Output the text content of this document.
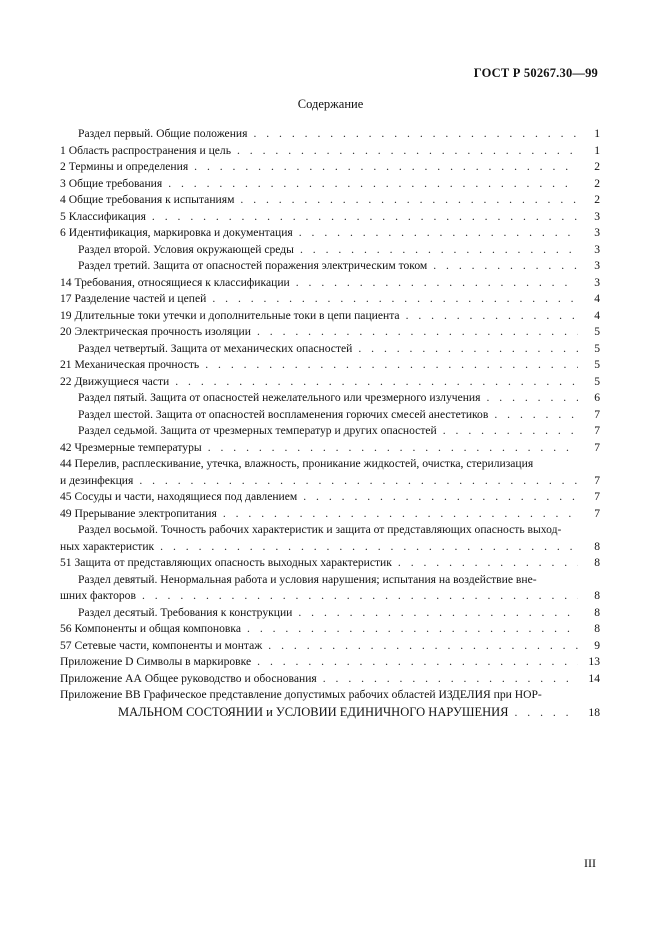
ГОСТ Р 50267.30—99
Содержание
Раздел первый. Общие положения . . .	1
1 Область распространения и цель . . .	1
2 Термины и определения . . .	2
3 Общие требования . . .	2
4 Общие требования к испытаниям . . .	2
5 Классификация . . .	3
6 Идентификация, маркировка и документация . . .	3
Раздел второй. Условия окружающей среды . . .	3
Раздел третий. Защита от опасностей поражения электрическим током . . .	3
14 Требования, относящиеся к классификации . . .	3
17 Разделение частей и цепей . . .	4
19 Длительные токи утечки и дополнительные токи в цепи пациента . . .	4
20 Электрическая прочность изоляции . . .	5
Раздел четвертый. Защита от механических опасностей . . .	5
21 Механическая прочность . . .	5
22 Движущиеся части . . .	5
Раздел пятый. Защита от опасностей нежелательного или чрезмерного излучения . . .	6
Раздел шестой. Защита от опасностей воспламенения горючих смесей анестетиков . . .	7
Раздел седьмой. Защита от чрезмерных температур и других опасностей . . .	7
42 Чрезмерные температуры . . .	7
44 Перелив, расплескивание, утечка, влажность, проникание жидкостей, очистка, стерилизация
и дезинфекция . . .	7
45 Сосуды и части, находящиеся под давлением . . .	7
49 Прерывание электропитания . . .	7
Раздел восьмой. Точность рабочих характеристик и защита от представляющих опасность выход-
ных характеристик . . .	8
51 Защита от представляющих опасность выходных характеристик . . .	8
Раздел девятый. Ненормальная работа и условия нарушения; испытания на воздействие вне-
шних факторов . . .	8
Раздел десятый. Требования к конструкции . . .	8
56 Компоненты и общая компоновка . . .	8
57 Сетевые части, компоненты и монтаж . . .	9
Приложение D Символы в маркировке . . .	13
Приложение АА Общее руководство и обоснования . . .	14
Приложение ВВ Графическое представление допустимых рабочих областей ИЗДЕЛИЯ при НОР-
МАЛЬНОМ СОСТОЯНИИ и УСЛОВИИ ЕДИНИЧНОГО НАРУШЕНИЯ . . .	18
III
